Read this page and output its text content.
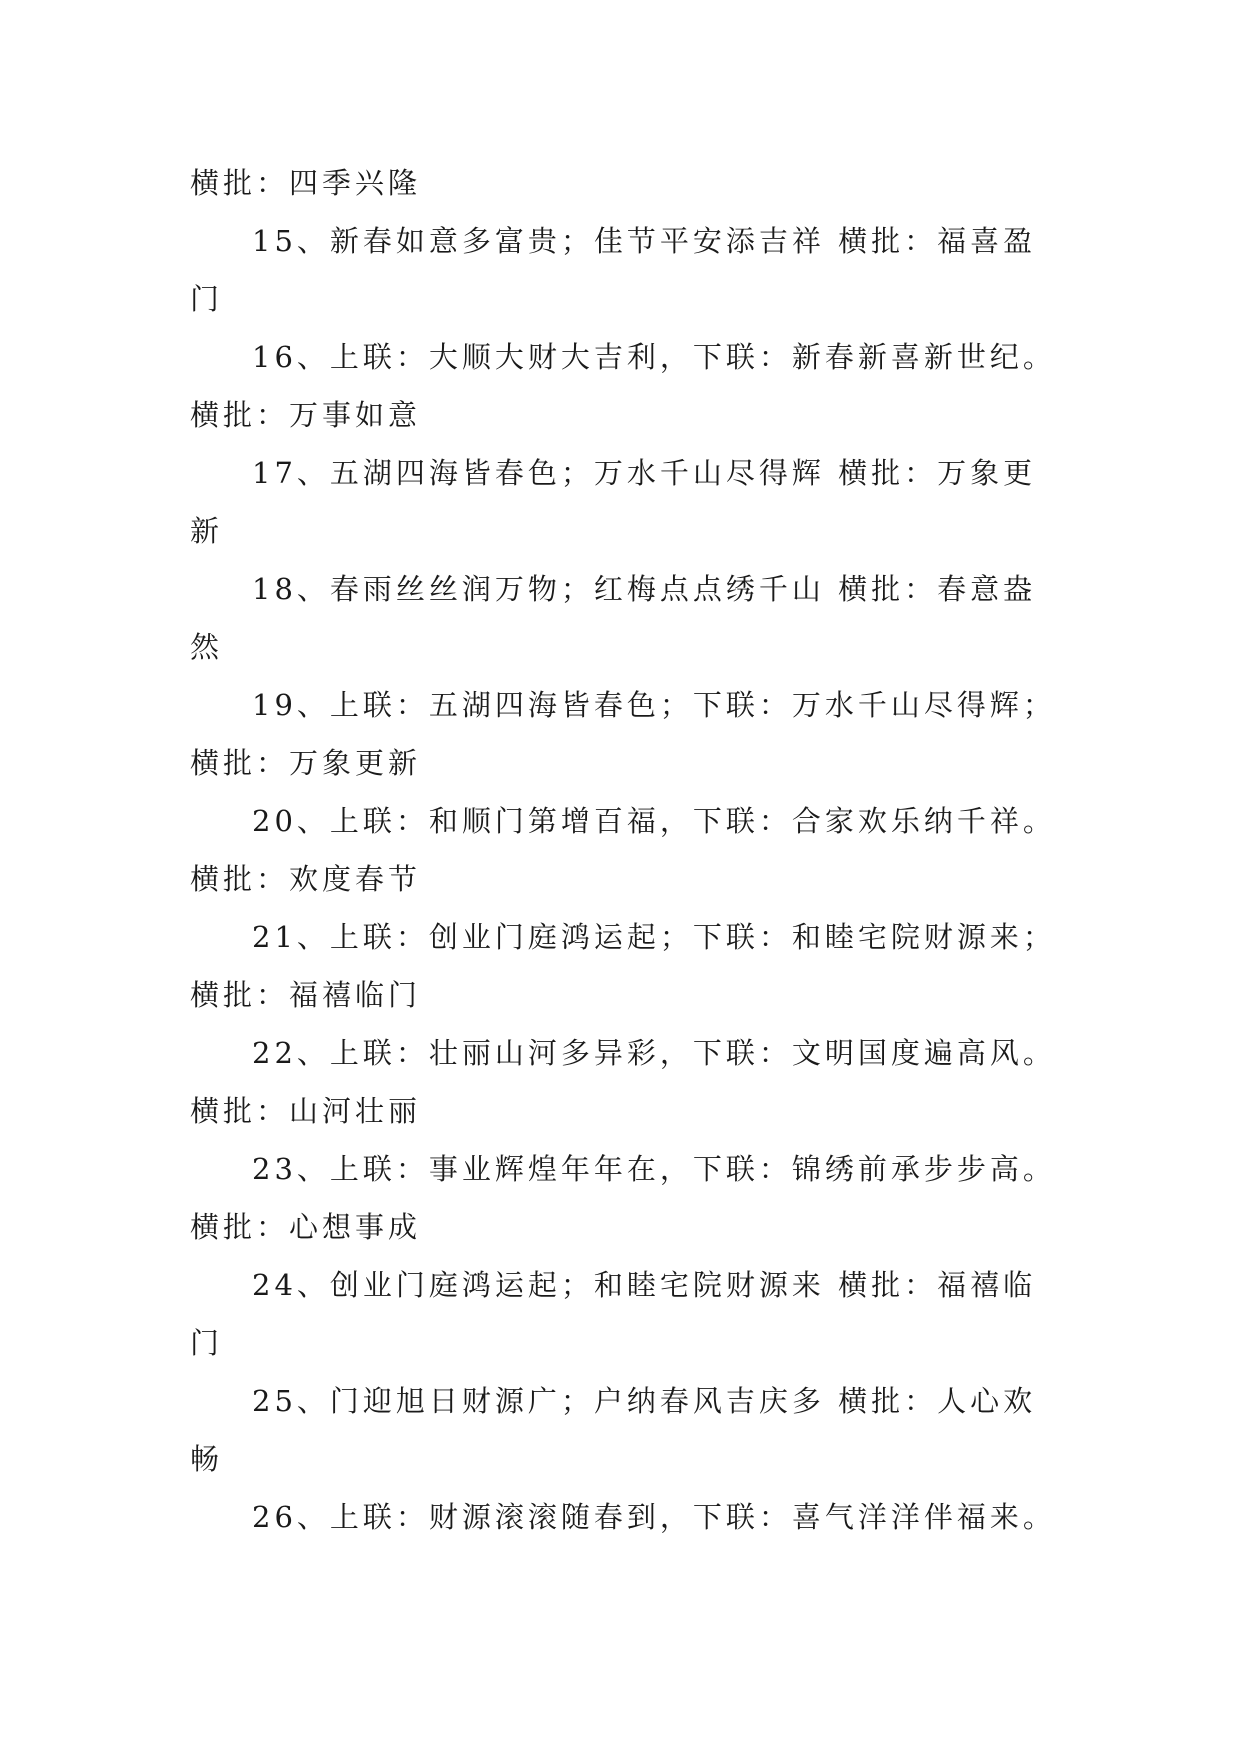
横批：四季兴隆
15、新春如意多富贵；佳节平安添吉祥 横批：福喜盈
门
16、上联：大顺大财大吉利，下联：新春新喜新世纪。
横批：万事如意
17、五湖四海皆春色；万水千山尽得辉 横批：万象更
新
18、春雨丝丝润万物；红梅点点绣千山 横批：春意盎
然
19、上联：五湖四海皆春色；下联：万水千山尽得辉；
横批：万象更新
20、上联：和顺门第增百福，下联：合家欢乐纳千祥。
横批：欢度春节
21、上联：创业门庭鸿运起；下联：和睦宅院财源来；
横批：福禧临门
22、上联：壮丽山河多异彩，下联：文明国度遍高风。
横批：山河壮丽
23、上联：事业辉煌年年在，下联：锦绣前承步步高。
横批：心想事成
24、创业门庭鸿运起；和睦宅院财源来 横批：福禧临
门
25、门迎旭日财源广；户纳春风吉庆多 横批：人心欢
畅
26、上联：财源滚滚随春到，下联：喜气洋洋伴福来。
